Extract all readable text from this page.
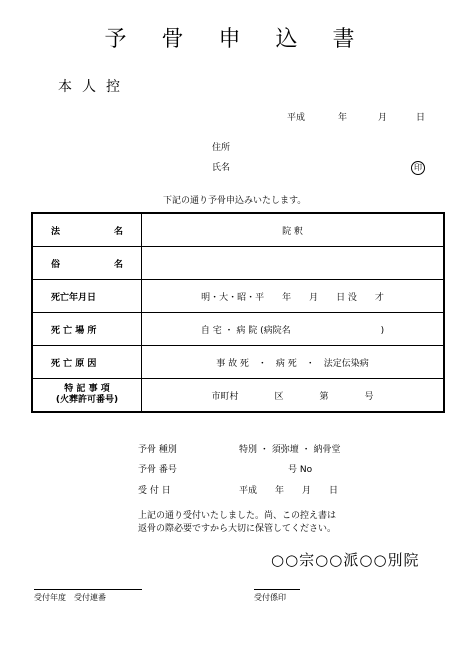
予 骨 申 込 書
本人控
平成	年	月	日
住所
氏名	印
下記の通り予骨申込みいたします。
法 名	院 釈

俗 名	

死亡年月日	明・大・昭・平　　年　　月　　日 没　　才

死 亡 場 所	自 宅 ・ 病 院 (病院名　　　　　　　　　　)

死 亡 原 因	事 故 死　・　病 死　・　法定伝染病

特 記 事 項
(火葬許可番号)	市町村　　　　区　　　　第　　　　号
予骨 種別	特別 ・ 須弥壇 ・ 納骨堂
予骨 番号	号 No
受 付 日	平成　　年　　月　　日
上記の通り受付いたしました。尚、この控え書は
返骨の際必要ですから大切に保管してください。
○○宗○○派○○別院
受付年度　受付連番	受付係印
